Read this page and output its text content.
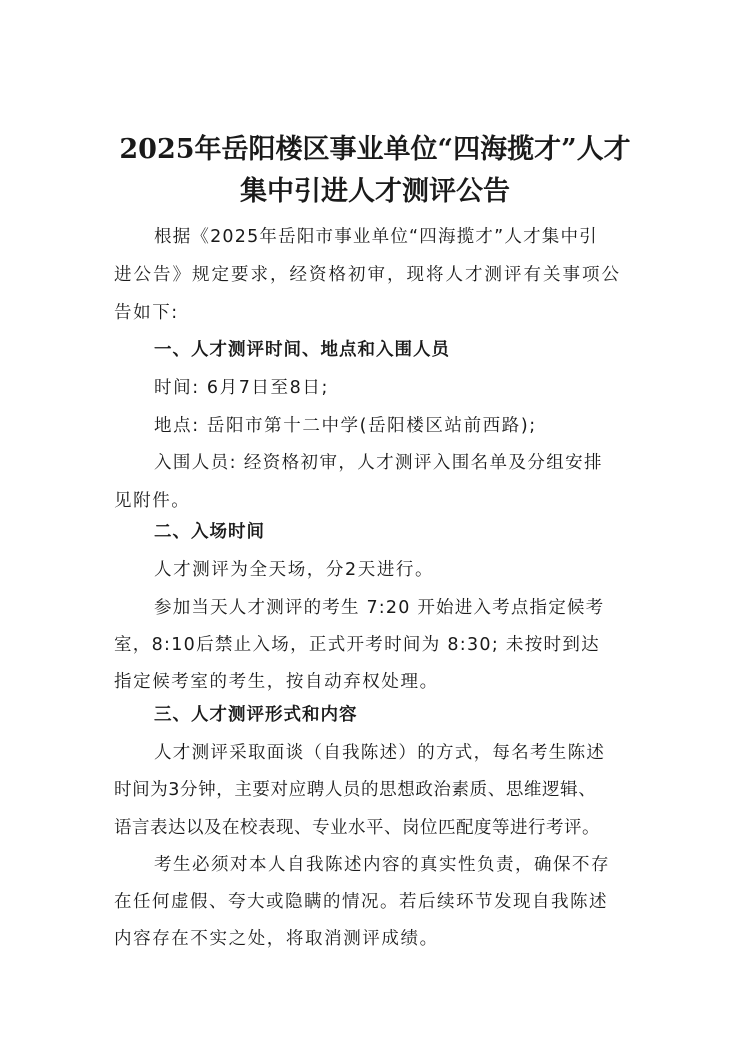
2025年岳阳楼区事业单位“四海揽才”人才
集中引进人才测评公告
根据《2025年岳阳市事业单位“四海揽才”人才集中引
进公告》规定要求，经资格初审，现将人才测评有关事项公
告如下:
一、人才测评时间、地点和入围人员
时间: 6月7日至8日;
地点: 岳阳市第十二中学(岳阳楼区站前西路);
入围人员: 经资格初审，人才测评入围名单及分组安排
见附件。
二、入场时间
人才测评为全天场，分2天进行。
参加当天人才测评的考生 7:20 开始进入考点指定候考
室，8:10后禁止入场，正式开考时间为 8:30; 未按时到达
指定候考室的考生，按自动弃权处理。
三、人才测评形式和内容
人才测评采取面谈（自我陈述）的方式，每名考生陈述
时间为3分钟，主要对应聘人员的思想政治素质、思维逻辑、
语言表达以及在校表现、专业水平、岗位匹配度等进行考评。
考生必须对本人自我陈述内容的真实性负责，确保不存
在任何虚假、夸大或隐瞒的情况。若后续环节发现自我陈述
内容存在不实之处，将取消测评成绩。
